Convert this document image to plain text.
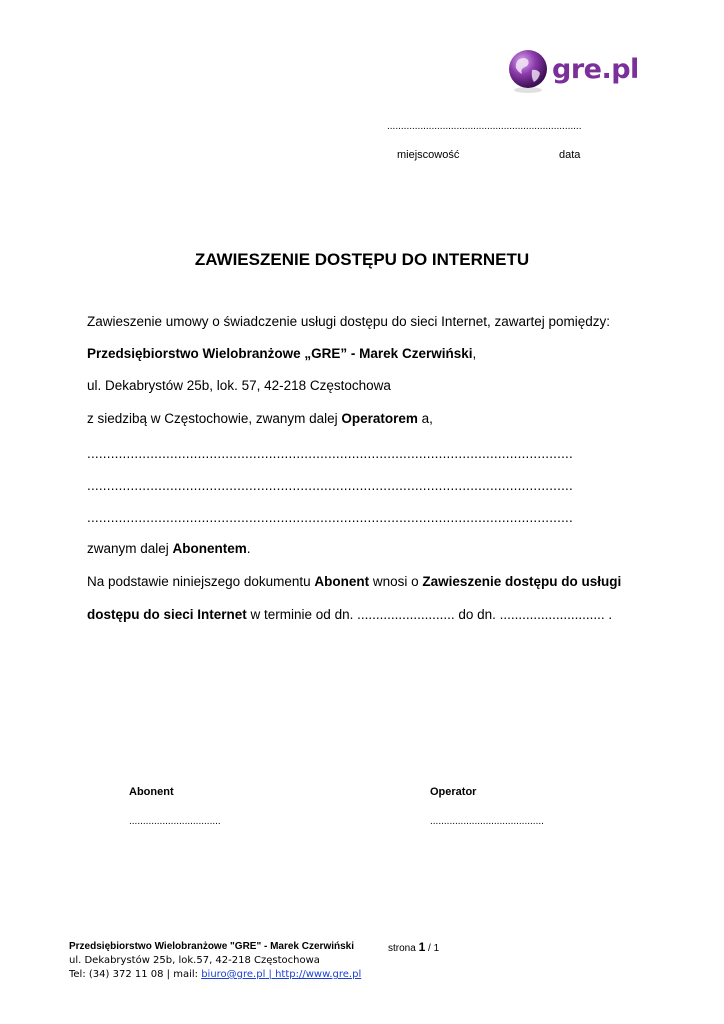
gre.pl
......................................................................
miejscowość	data
ZAWIESZENIE DOSTĘPU DO INTERNETU
Zawieszenie umowy o świadczenie usługi dostępu do sieci Internet, zawartej pomiędzy:
Przedsiębiorstwo Wielobranżowe „GRE” - Marek Czerwiński,
ul. Dekabrystów 25b, lok. 57, 42-218 Częstochowa
z siedzibą w Częstochowie, zwanym dalej Operatorem a,
...........................................................................................................................
...........................................................................................................................
...........................................................................................................................
zwanym dalej Abonentem.
Na podstawie niniejszego dokumentu Abonent wnosi o Zawieszenie dostępu do usługi
dostępu do sieci Internet w terminie od dn. .......................... do dn. ............................ .
Abonent
.................................
Operator
.........................................
Przedsiębiorstwo Wielobranżowe "GRE" - Marek Czerwiński	strona 1 / 1
ul. Dekabrystów 25b, lok.57, 42-218 Częstochowa
Tel: (34) 372 11 08 | mail: biuro@gre.pl | http://www.gre.pl
